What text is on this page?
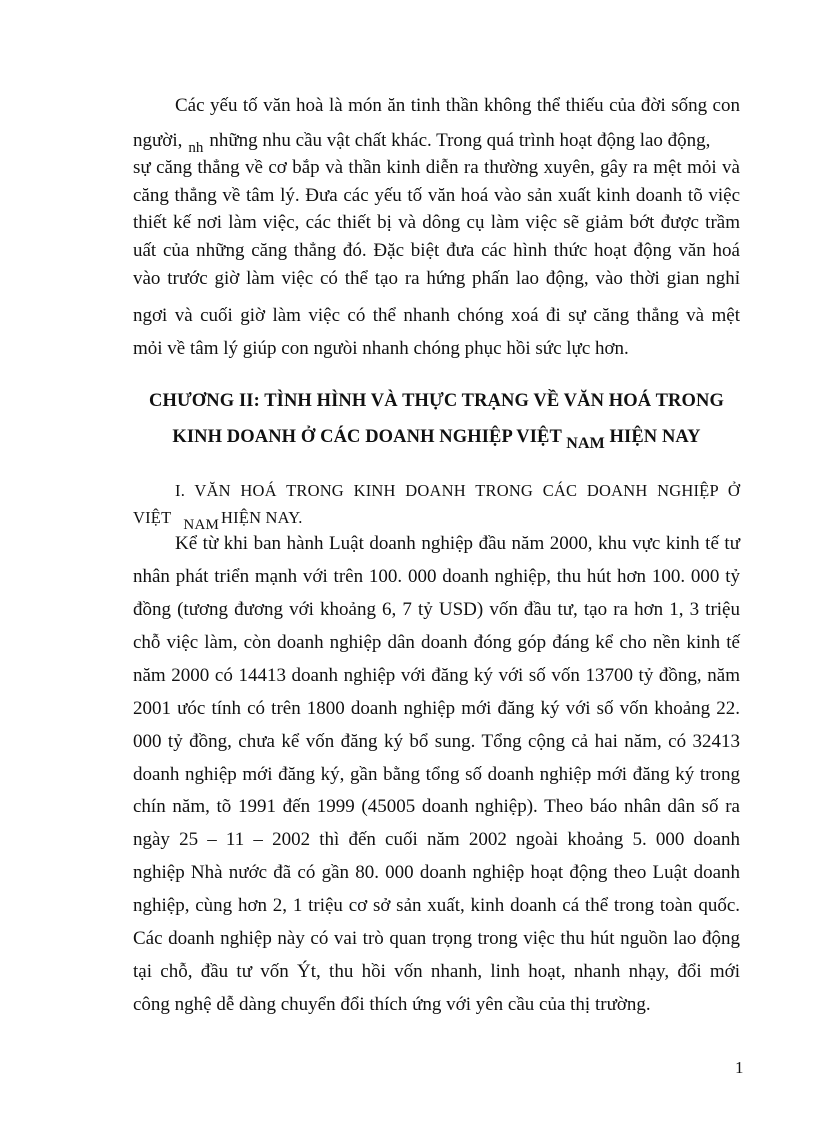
Các yếu tố văn hoà là món ăn tinh thần không thể thiếu của đời sống con
người, $_{nh}$ những nhu cầu vật chất khác. Trong quá trình hoạt động lao động,
sự căng thẳng về cơ bắp và thần kinh diễn ra thường xuyên, gây ra mệt mỏi và
căng thẳng về tâm lý. Đưa các yếu tố văn hoá vào sản xuất kinh doanh tõ việc
thiết kế nơi làm việc, các thiết bị và dông cụ làm việc sẽ giảm bớt được trầm
uất của những căng thẳng đó. Đặc biệt đưa các hình thức hoạt động văn hoá
vào trước giờ làm việc có thể tạo ra hứng phấn lao động, vào thời gian nghỉ
ngơi và cuối giờ làm việc có thể nhanh chóng xoá đi sự căng thẳng và mệt
mỏi về tâm lý giúp con ngưòi nhanh chóng phục hồi sức lực hơn.
CHƯƠNG II: TÌNH HÌNH VÀ THỰC TRẠNG VỀ VĂN HOÁ TRONG
KINH DOANH Ở CÁC DOANH NGHIỆP VIỆT NAM HIỆN NAY
I. VĂN HOÁ TRONG KINH DOANH TRONG CÁC DOANH NGHIỆP Ở
VIỆT NAM HIỆN NAY.
Kể từ khi ban hành Luật doanh nghiệp đầu năm 2000, khu vực kinh tế tư
nhân phát triển mạnh với trên 100. 000 doanh nghiệp, thu hút hơn 100. 000 tỷ
đồng (tương đương với khoảng 6, 7 tỷ USD) vốn đầu tư, tạo ra hơn 1, 3 triệu
chỗ việc làm, còn doanh nghiệp dân doanh đóng góp đáng kể cho nền kinh tế
năm 2000 có 14413 doanh nghiệp với đăng ký với số vốn 13700 tỷ đồng, năm
2001 ưóc tính có trên 1800 doanh nghiệp mới đăng ký với số vốn khoảng 22.
000 tỷ đồng, chưa kể vốn đăng ký bổ sung. Tổng cộng cả hai năm, có 32413
doanh nghiệp mới đăng ký, gần bằng tổng số doanh nghiệp mới đăng ký trong
chín năm, tõ 1991 đến 1999 (45005 doanh nghiệp). Theo báo nhân dân số ra
ngày 25 – 11 – 2002 thì đến cuối năm 2002 ngoài khoảng 5. 000 doanh
nghiệp Nhà nước đã có gần 80. 000 doanh nghiệp hoạt động theo Luật doanh
nghiệp, cùng hơn 2, 1 triệu cơ sở sản xuất, kinh doanh cá thể trong toàn quốc.
Các doanh nghiệp này có vai trò quan trọng trong việc thu hút nguồn lao động
tại chỗ, đầu tư vốn Ýt, thu hồi vốn nhanh, linh hoạt, nhanh nhạy, đổi mới
công nghệ dễ dàng chuyển đổi thích ứng với yên cầu của thị trường.
1
